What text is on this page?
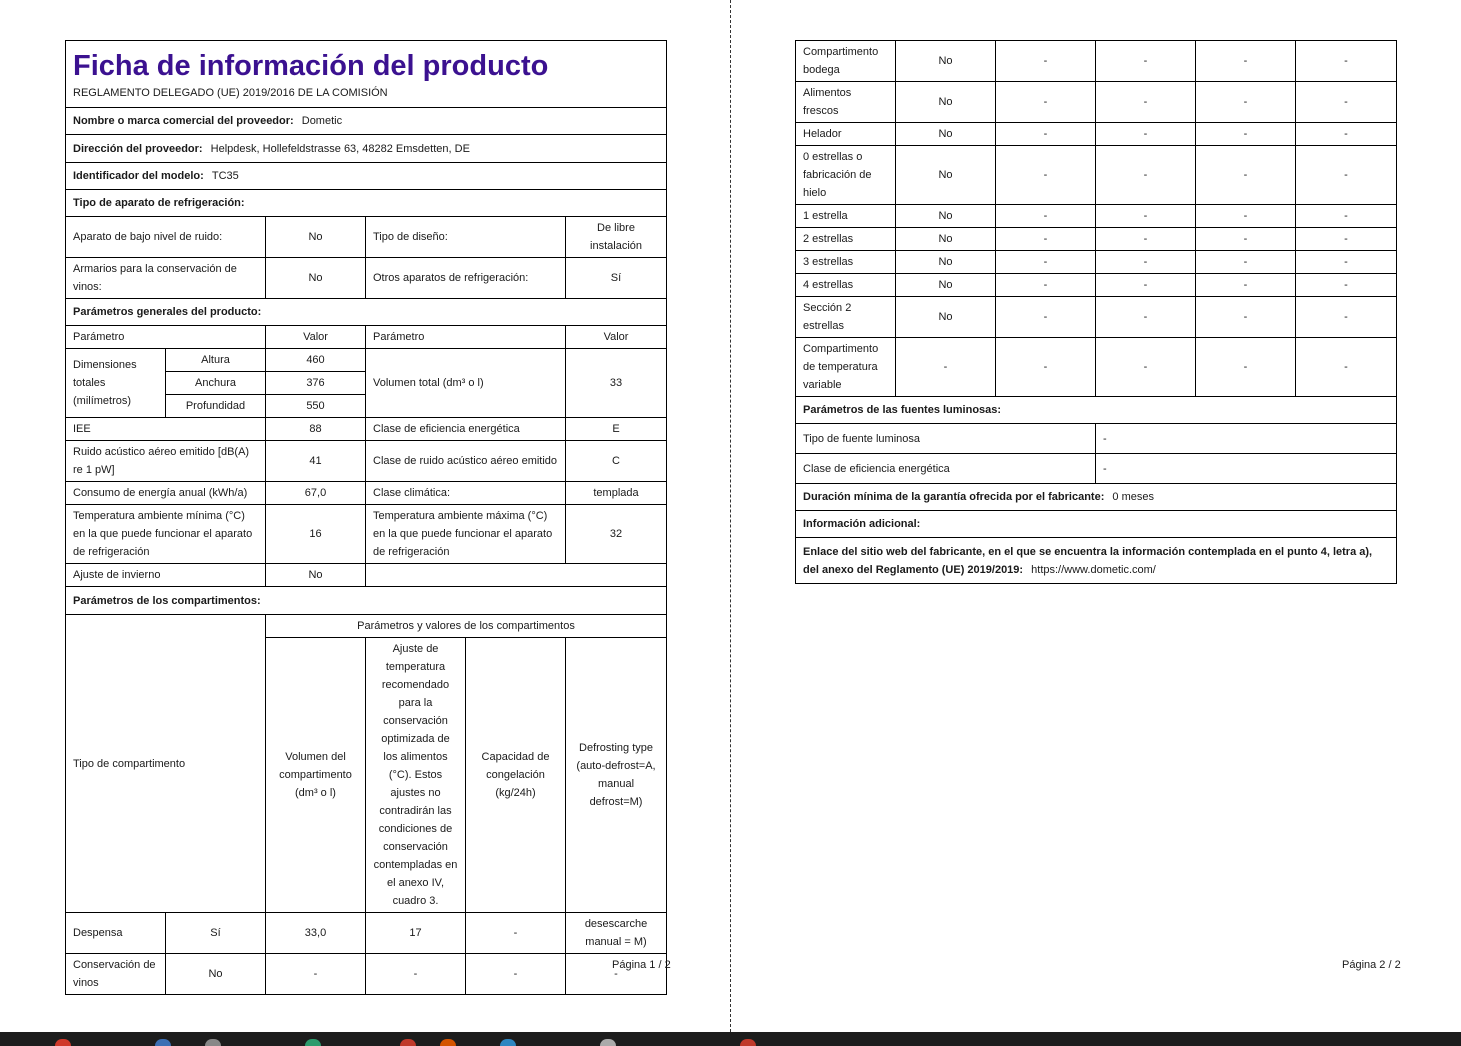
Ficha de información del producto
REGLAMENTO DELEGADO (UE) 2019/2016 DE LA COMISIÓN					

Nombre o marca comercial del proveedor: Dometic					
Dirección del proveedor: Helpdesk, Hollefeldstrasse 63, 48282 Emsdetten, DE					
Identificador del modelo: TC35					
Tipo de aparato de refrigeración:					
Aparato de bajo nivel de ruido:		No	Tipo de diseño:		De libre instalación
Armarios para la conservación de vinos:		No	Otros aparatos de refrigeración:		Sí
Parámetros generales del producto:					
Parámetro		Valor	Parámetro		Valor
Dimensiones totales (milímetros)	Altura	460	Volumen total (dm³ o l)		33
	Anchura	376			
	Profundidad	550			
IEE		88	Clase de eficiencia energética		E
Ruido acústico aéreo emitido [dB(A) re 1 pW]		41	Clase de ruido acústico aéreo emitido		C
Consumo de energía anual (kWh/a)		67,0	Clase climática:		templada
Temperatura ambiente mínima (°C) en la que puede funcionar el aparato de refrigeración		16	Temperatura ambiente máxima (°C) en la que puede funcionar el aparato de refrigeración		32
Ajuste de invierno		No			
Parámetros de los compartimentos:					
Tipo de compartimento		Parámetros y valores de los compartimentos			
		Volumen del compartimento (dm³ o l)	Ajuste de temperatura recomendado para la conservación optimizada de los alimentos (°C). Estos ajustes no contradirán las condiciones de conservación contempladas en el anexo IV, cuadro 3.	Capacidad de congelación (kg/24h)	Defrosting type (auto-defrost=A, manual defrost=M)
Despensa	Sí	33,0	17	-	desescarche manual = M)
Conservación de vinos	No	-	-	-	-
Página 1 / 2
Compartimento bodega	No	-	-	-	-
Alimentos frescos	No	-	-	-	-
Helador	No	-	-	-	-
0 estrellas o fabricación de hielo	No	-	-	-	-
1 estrella	No	-	-	-	-
2 estrellas	No	-	-	-	-
3 estrellas	No	-	-	-	-
4 estrellas	No	-	-	-	-
Sección 2 estrellas	No	-	-	-	-
Compartimento de temperatura variable	-	-	-	-	-
Parámetros de las fuentes luminosas:					
Tipo de fuente luminosa			-		
Clase de eficiencia energética			-		
Duración mínima de la garantía ofrecida por el fabricante: 0 meses					
Información adicional:					
Enlace del sitio web del fabricante, en el que se encuentra la información contemplada en el punto 4, letra a), del anexo del Reglamento (UE) 2019/2019: https://www.dometic.com/					
Página 2 / 2
